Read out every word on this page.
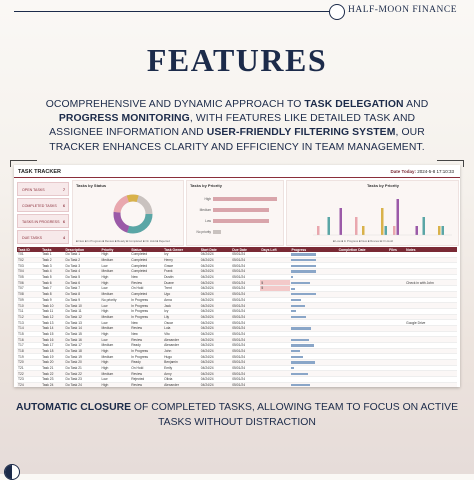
HALF-MOON FINANCE
FEATURES
OCOMPREHENSIVE AND DYNAMIC APPROACH TO TASK DELEGATION AND PROGRESS MONITORING, WITH FEATURES LIKE DETAILED TASK AND ASSIGNEE INFORMATION AND USER-FRIENDLY FILTERING SYSTEM, OUR TRACKER ENHANCES CLARITY AND EFFICIENCY IN TEAM MANAGEMENT.
TASK TRACKER	Date Today: 2024-5-8 17:10:33
OPEN TASKS	7
COMPLETED TASKS 6
TASKS IN PROGRESS 6
DUE TASKS	4
Tasks by Status
■ New ■ In Progress ■ Review ■ Ready ■ Completed ■ On Hold ■ Rejected
Tasks by Priority
High
Medium
Low
No priority
Tasks by Priority
■ Low ■ In Progress ■ New ■ Review ■ On Hold
Task ID	Tasks	Description	Priority	Status	Task Owner	Start Date	Due Date	Days Left	Progress	Completion Date	Files	Notes
T01	Task 1	Do Task 1	High	Completed	Ivy	04/24/24	05/01/24					
T02	Task 2	Do Task 2	Medium	Completed	Henry	04/24/24	05/01/24					
T03	Task 3	Do Task 3	Low	Completed	Grace	04/24/24	05/01/24					
T04	Task 4	Do Task 4	Medium	Completed	Frank	04/24/24	05/01/24					
T05	Task 5	Do Task 5	High	New	Dustin	04/24/24	05/01/24					
T06	Task 6	Do Task 6	High	Review	Duane	04/24/24	05/01/24	5				Check in with John
T07	Task 7	Do Task 7	Low	On Hold	Trent	04/24/24	05/01/24	5				
T08	Task 8	Do Task 8	Medium	Completed	Ugo	04/24/24	05/01/24					
T09	Task 9	Do Task 9	No priority	In Progress	Anna	04/24/24	05/01/24					
T10	Task 10	Do Task 10	Low	In Progress	Jack	04/24/24	05/01/24					
T11	Task 11	Do Task 11	High	In Progress	Ivy	04/24/24	05/01/24					
T12	Task 12	Do Task 12	Medium	In Progress	Lily	04/24/24	05/01/24					
T13	Task 13	Do Task 13	Low	New	Oscar	04/24/24	05/01/24					Google Drive
T14	Task 14	Do Task 14	Medium	Review	Lola	04/24/24	05/01/24					
T15	Task 15	Do Task 15	High	New	Vito	04/24/24	05/01/24					
T16	Task 16	Do Task 16	Low	Review	Alexander	04/24/24	05/01/24					
T17	Task 17	Do Task 17	Medium	Ready	Alexander	04/24/24	05/01/24					
T18	Task 18	Do Task 18	High	In Progress	John	04/24/24	05/01/24					
T19	Task 19	Do Task 19	Medium	In Progress	Hugo	04/24/24	05/01/24					
T20	Task 20	Do Task 20	High	Ready	Benjamin	04/24/24	05/01/24					
T21	Task 21	Do Task 21	High	On Hold	Emily	04/24/24	05/01/24					
T22	Task 22	Do Task 22	Medium	Review	Anny	04/24/24	05/01/24					
T23	Task 23	Do Task 23	Low	Rejected	Olivia	04/24/24	05/01/24					
T24	Task 24	Do Task 24	High	Review	Alexander	04/24/24	05/01/24					
AUTOMATIC CLOSURE OF COMPLETED TASKS, ALLOWING TEAM TO FOCUS ON ACTIVE TASKS WITHOUT DISTRACTION
